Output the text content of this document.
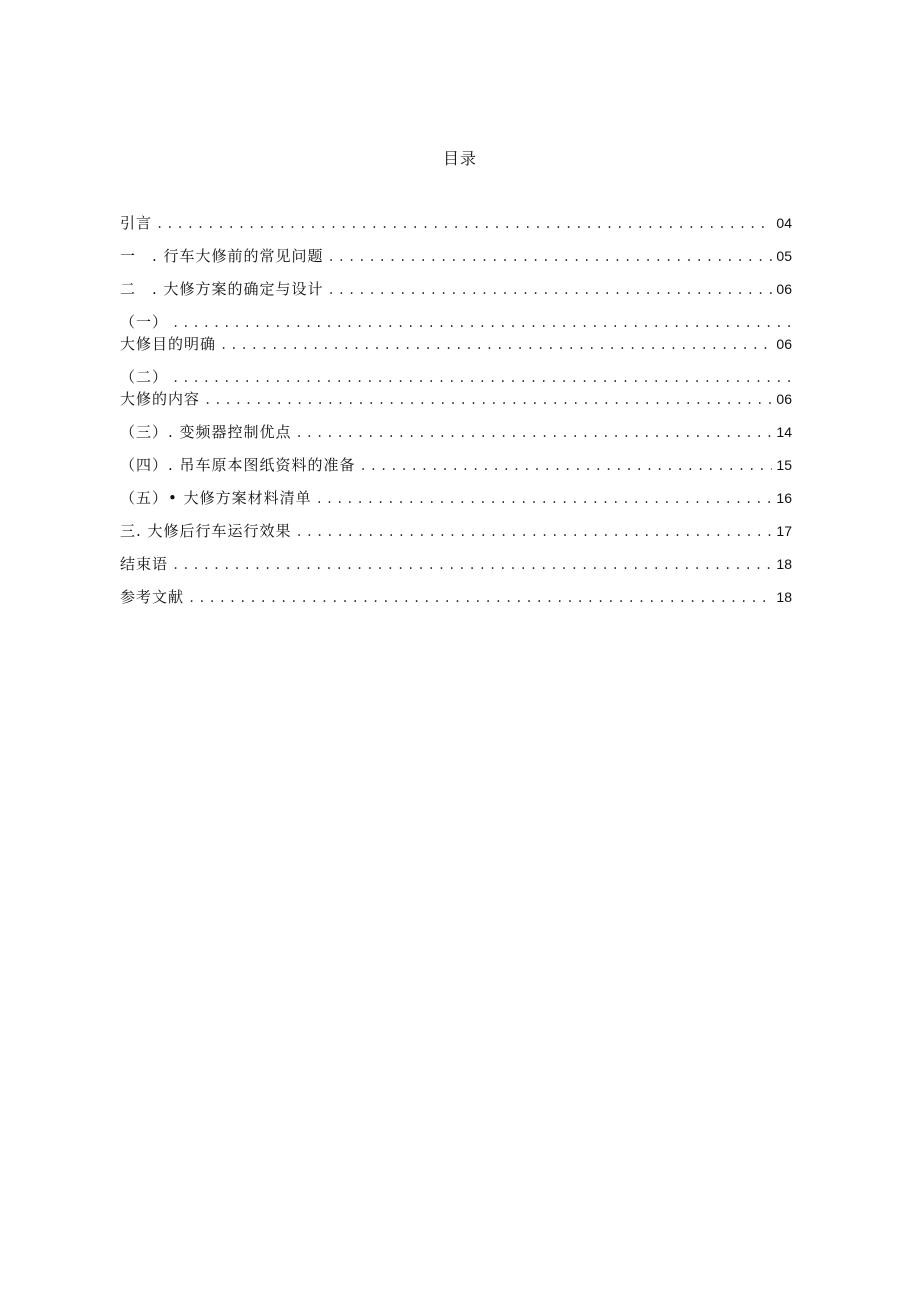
目录
引言 .....	04
一　. 行车大修前的常见问题 .....	05
二　. 大修方案的确定与设计 .....	06
（一）
.....
大修目的明确 .....	06
（二）
.....
大修的内容 .....	06
（三）. 变频器控制优点 .....	14
（四）. 吊车原本图纸资料的准备 .....	15
（五）• 大修方案材料清单 .....	16
三. 大修后行车运行效果 .....	17
结束语 .....	18
参考文献 .....	18
